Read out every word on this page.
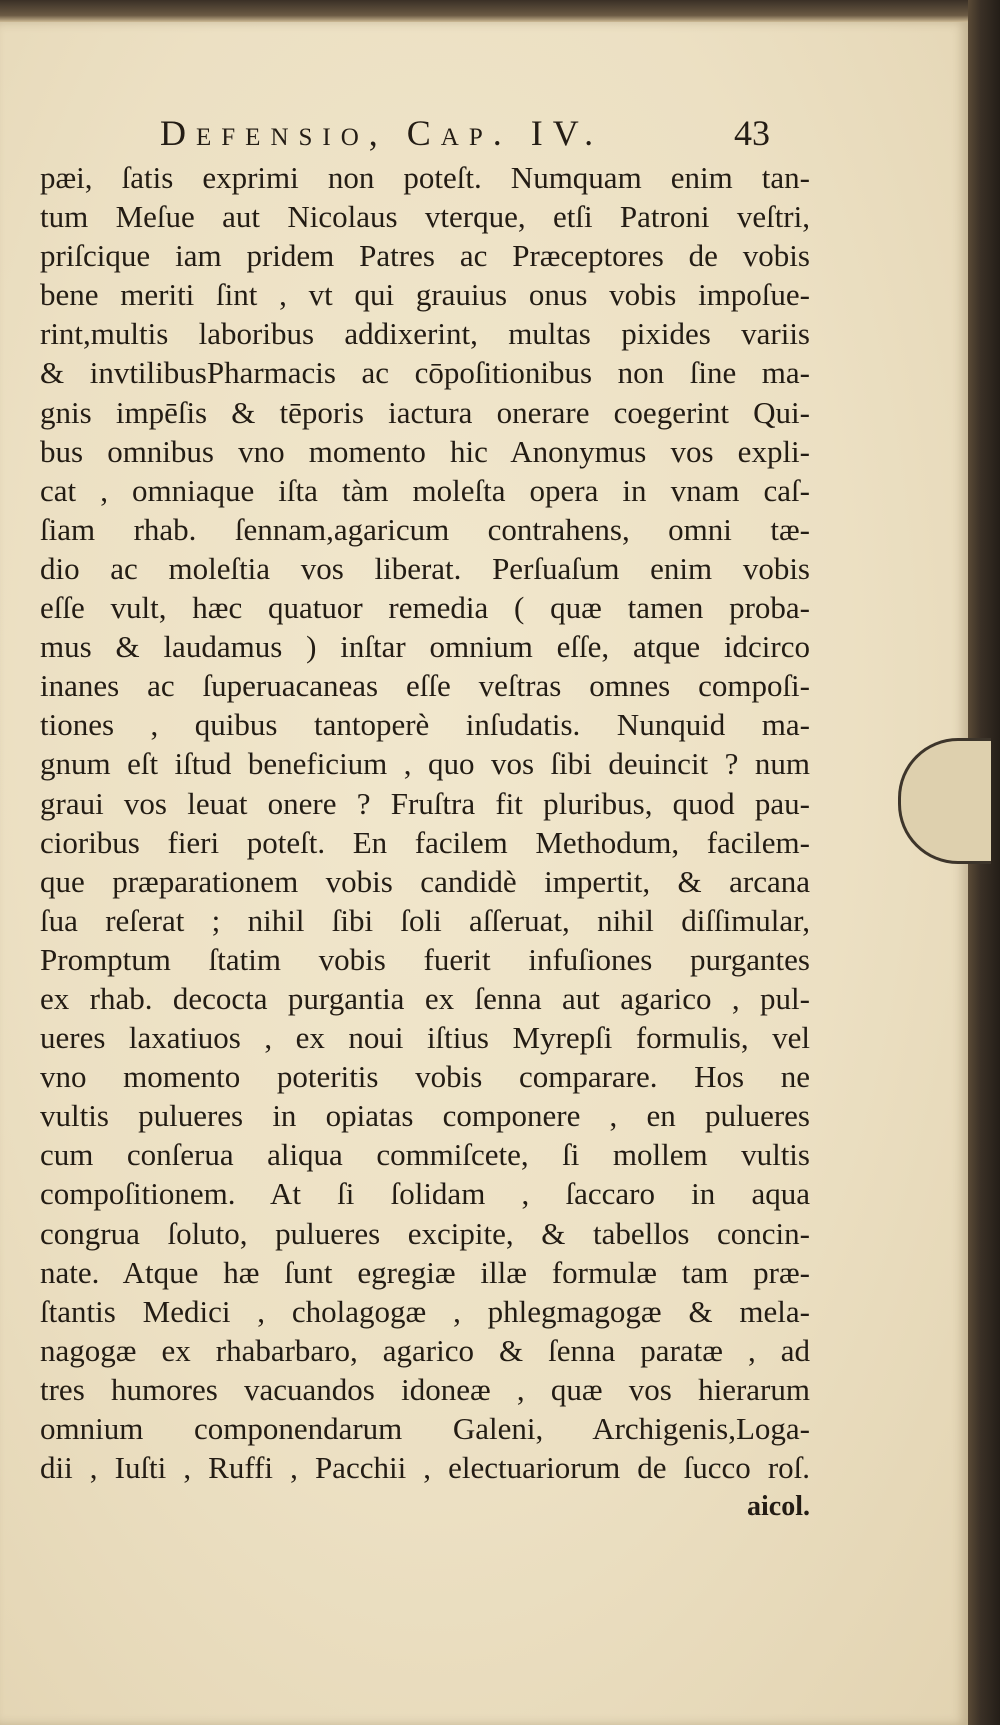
Defensio, Cap. IV.	43
pæi, ſatis exprimi non poteſt. Numquam enim tan-
tum Meſue aut Nicolaus vterque, etſi Patroni veſtri,
priſcique iam pridem Patres ac Præceptores de vobis
bene meriti ſint , vt qui grauius onus vobis impoſue-
rint,multis laboribus addixerint, multas pixides variis
& invtilibusPharmacis ac cōpoſitionibus non ſine ma-
gnis impēſis & tēporis iactura onerare coegerint Qui-
bus omnibus vno momento hic Anonymus vos expli-
cat , omniaque iſta tàm moleſta opera in vnam caſ-
ſiam rhab. ſennam,agaricum contrahens, omni tæ-
dio ac moleſtia vos liberat. Perſuaſum enim vobis
eſſe vult, hæc quatuor remedia ( quæ tamen proba-
mus & laudamus ) inſtar omnium eſſe, atque idcirco
inanes ac ſuperuacaneas eſſe veſtras omnes compoſi-
tiones , quibus tantoperè inſudatis. Nunquid ma-
gnum eſt iſtud beneficium , quo vos ſibi deuincit ? num
graui vos leuat onere ? Fruſtra fit pluribus, quod pau-
cioribus fieri poteſt. En facilem Methodum, facilem-
que præparationem vobis candidè impertit, & arcana
ſua reſerat ; nihil ſibi ſoli aſſeruat, nihil diſſimular,
Promptum ſtatim vobis fuerit infuſiones purgantes
ex rhab. decocta purgantia ex ſenna aut agarico , pul-
ueres laxatiuos , ex noui iſtius Myrepſi formulis, vel
vno momento poteritis vobis comparare. Hos ne
vultis pulueres in opiatas componere , en pulueres
cum conſerua aliqua commiſcete, ſi mollem vultis
compoſitionem. At ſi ſolidam , ſaccaro in aqua
congrua ſoluto, pulueres excipite, & tabellos concin-
nate. Atque hæ ſunt egregiæ illæ formulæ tam præ-
ſtantis Medici , cholagogæ , phlegmagogæ & mela-
nagogæ ex rhabarbaro, agarico & ſenna paratæ , ad
tres humores vacuandos idoneæ , quæ vos hierarum
omnium componendarum Galeni, Archigenis,Loga-
dii , Iuſti , Ruffi , Pacchii , electuariorum de ſucco roſ.
aicol.
